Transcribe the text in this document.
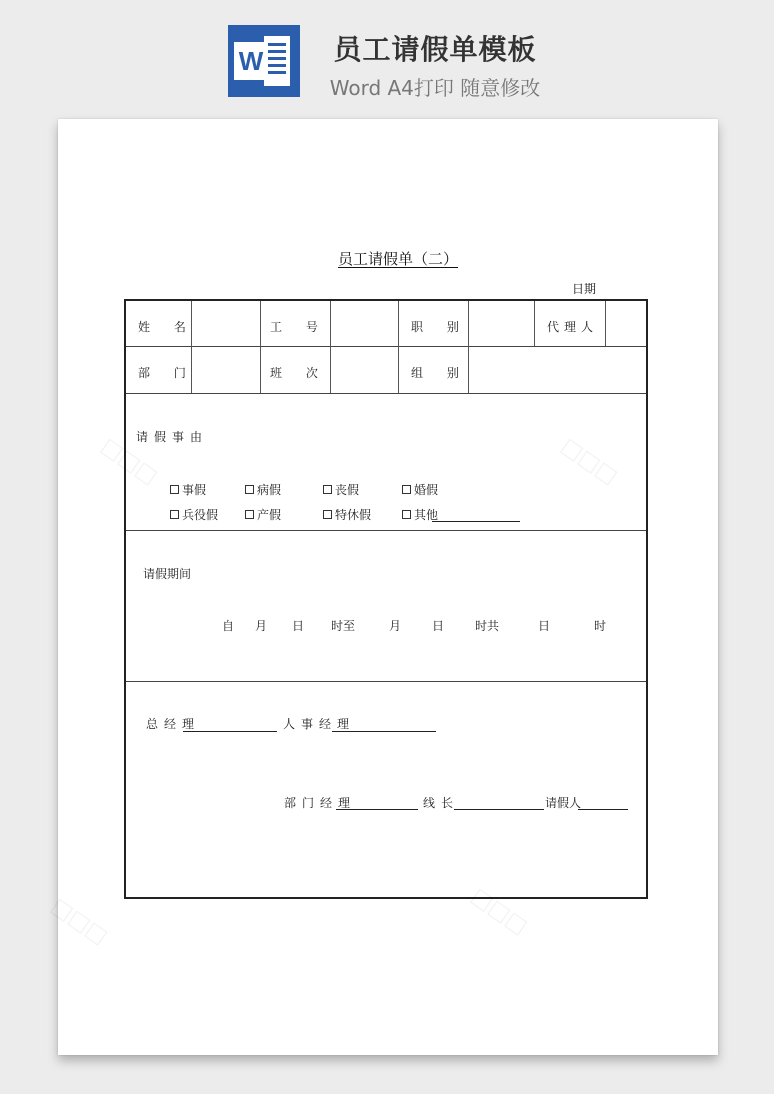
W	员工请假单模板
Word A4打印 随意修改
员工请假单（二）
日期
姓 名	工 号	职 别	代理人
部 门	班 次	组 别
请假事由
事假	病假	丧假	婚假
兵役假	产假	特休假	其他
请假期间
自 月 日 时至	月	日	时共	日	时
总经理	人事经理
部门经理	线长	请假人
□□□	□□□
□□□
□□□
